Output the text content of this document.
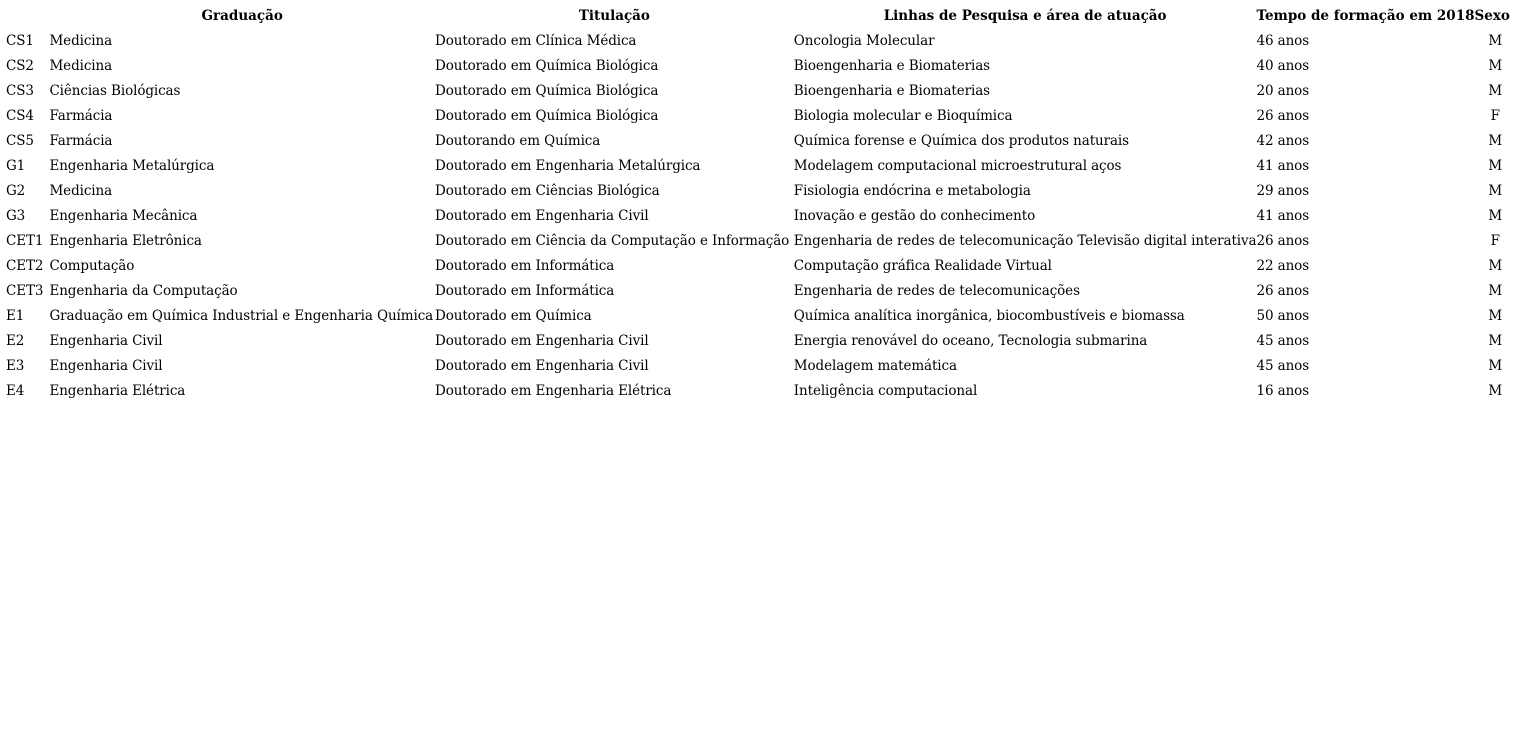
	Graduação	Titulação	Linhas de Pesquisa e área de atuação	Tempo de formação em 2018	Sexo
CS1	Medicina	Doutorado em Clínica Médica	Oncologia Molecular	46 anos	M
CS2	Medicina	Doutorado em Química Biológica	Bioengenharia e Biomaterias	40 anos	M
CS3	Ciências Biológicas	Doutorado em Química Biológica	Bioengenharia e Biomaterias	20 anos	M
CS4	Farmácia	Doutorado em Química Biológica	Biologia molecular e Bioquímica	26 anos	F
CS5	Farmácia	Doutorando em Química	Química forense e Química dos produtos naturais	42 anos	M
G1	Engenharia Metalúrgica	Doutorado em Engenharia Metalúrgica	Modelagem computacional microestrutural aços	41 anos	M
G2	Medicina	Doutorado em Ciências Biológica	Fisiologia endócrina e metabologia	29 anos	M
G3	Engenharia Mecânica	Doutorado em Engenharia Civil	Inovação e gestão do conhecimento	41 anos	M
CET1	Engenharia Eletrônica	Doutorado em Ciência da Computação e Informação	Engenharia de redes de telecomunicação Televisão digital interativa	26 anos	F
CET2	Computação	Doutorado em Informática	Computação gráfica Realidade Virtual	22 anos	M
CET3	Engenharia da Computação	Doutorado em Informática	Engenharia de redes de telecomunicações	26 anos	M
E1	Graduação em Química Industrial e Engenharia Química	Doutorado em Química	Química analítica inorgânica, biocombustíveis e biomassa	50 anos	M
E2	Engenharia Civil	Doutorado em Engenharia Civil	Energia renovável do oceano, Tecnologia submarina	45 anos	M
E3	Engenharia Civil	Doutorado em Engenharia Civil	Modelagem matemática	45 anos	M
E4	Engenharia Elétrica	Doutorado em Engenharia Elétrica	Inteligência computacional	16 anos	M
